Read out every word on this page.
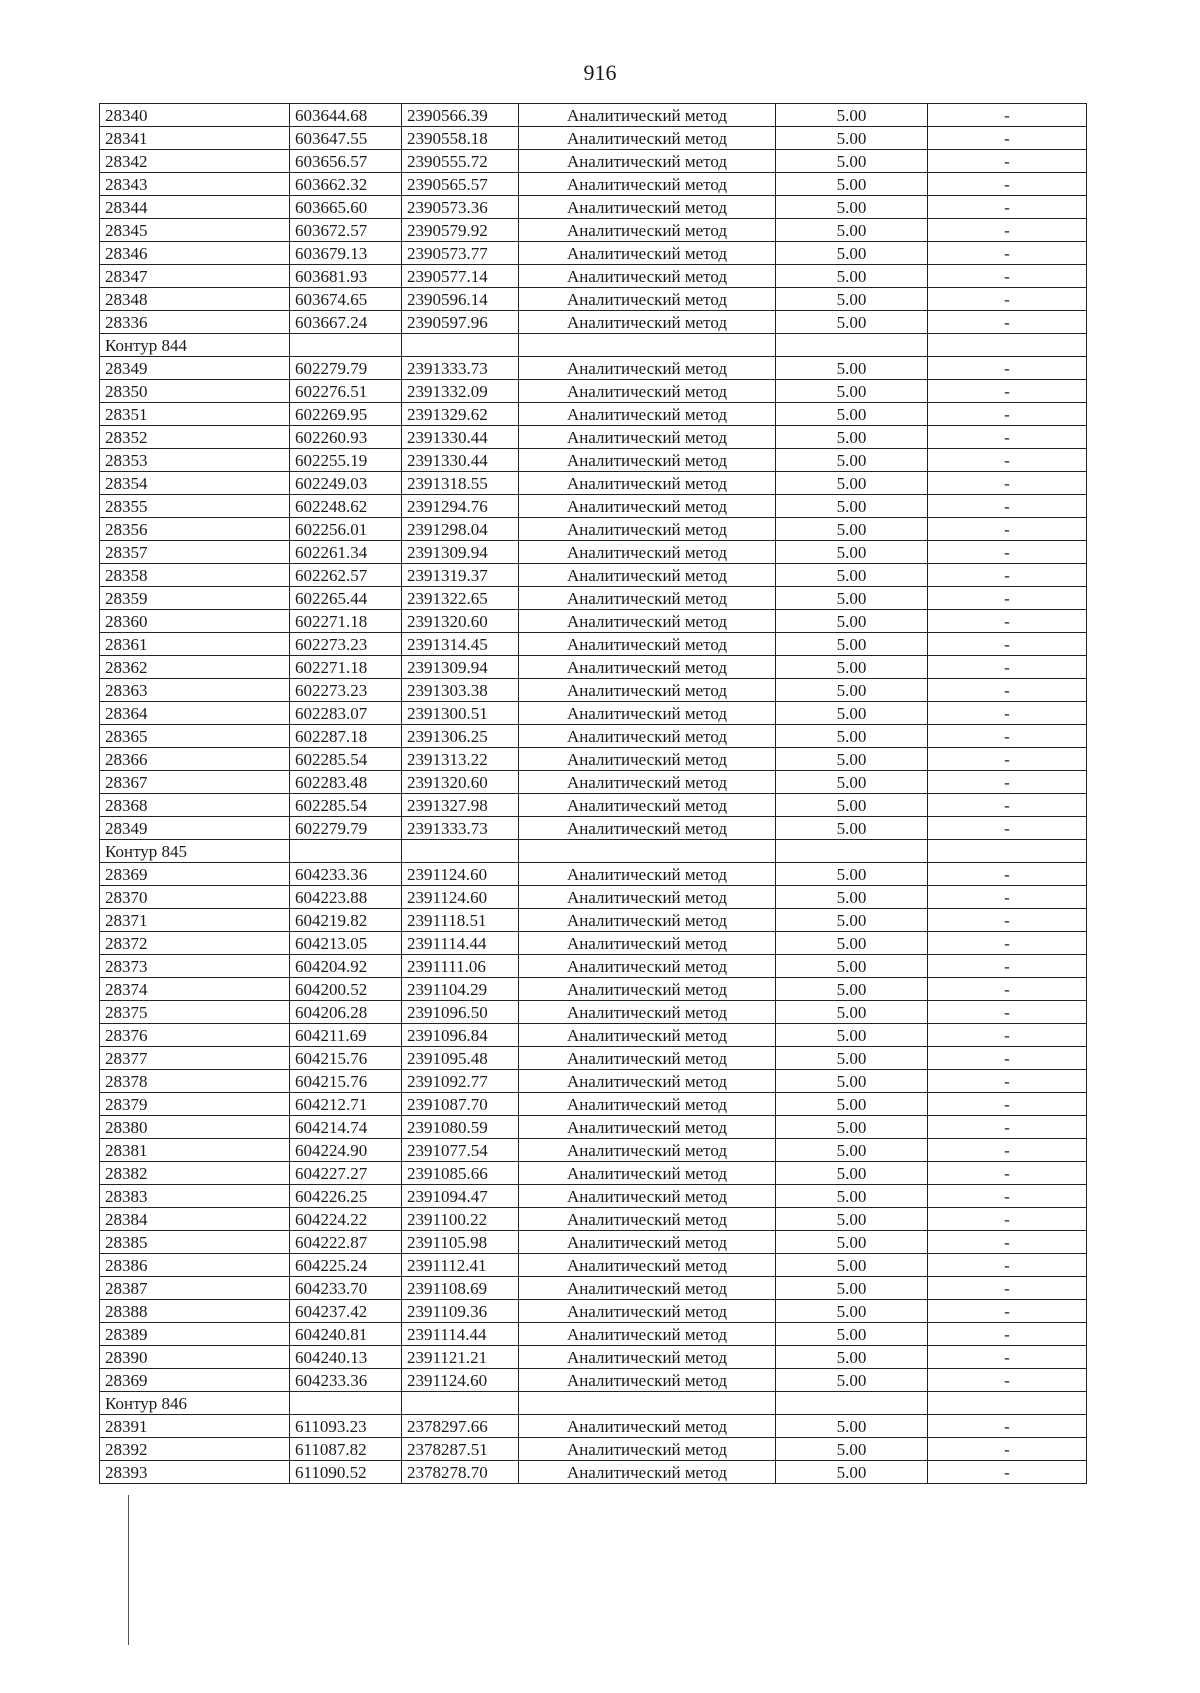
916
28340	603644.68	2390566.39	Аналитический метод	5.00	-
28341	603647.55	2390558.18	Аналитический метод	5.00	-
28342	603656.57	2390555.72	Аналитический метод	5.00	-
28343	603662.32	2390565.57	Аналитический метод	5.00	-
28344	603665.60	2390573.36	Аналитический метод	5.00	-
28345	603672.57	2390579.92	Аналитический метод	5.00	-
28346	603679.13	2390573.77	Аналитический метод	5.00	-
28347	603681.93	2390577.14	Аналитический метод	5.00	-
28348	603674.65	2390596.14	Аналитический метод	5.00	-
28336	603667.24	2390597.96	Аналитический метод	5.00	-
Контур 844					
28349	602279.79	2391333.73	Аналитический метод	5.00	-
28350	602276.51	2391332.09	Аналитический метод	5.00	-
28351	602269.95	2391329.62	Аналитический метод	5.00	-
28352	602260.93	2391330.44	Аналитический метод	5.00	-
28353	602255.19	2391330.44	Аналитический метод	5.00	-
28354	602249.03	2391318.55	Аналитический метод	5.00	-
28355	602248.62	2391294.76	Аналитический метод	5.00	-
28356	602256.01	2391298.04	Аналитический метод	5.00	-
28357	602261.34	2391309.94	Аналитический метод	5.00	-
28358	602262.57	2391319.37	Аналитический метод	5.00	-
28359	602265.44	2391322.65	Аналитический метод	5.00	-
28360	602271.18	2391320.60	Аналитический метод	5.00	-
28361	602273.23	2391314.45	Аналитический метод	5.00	-
28362	602271.18	2391309.94	Аналитический метод	5.00	-
28363	602273.23	2391303.38	Аналитический метод	5.00	-
28364	602283.07	2391300.51	Аналитический метод	5.00	-
28365	602287.18	2391306.25	Аналитический метод	5.00	-
28366	602285.54	2391313.22	Аналитический метод	5.00	-
28367	602283.48	2391320.60	Аналитический метод	5.00	-
28368	602285.54	2391327.98	Аналитический метод	5.00	-
28349	602279.79	2391333.73	Аналитический метод	5.00	-
Контур 845					
28369	604233.36	2391124.60	Аналитический метод	5.00	-
28370	604223.88	2391124.60	Аналитический метод	5.00	-
28371	604219.82	2391118.51	Аналитический метод	5.00	-
28372	604213.05	2391114.44	Аналитический метод	5.00	-
28373	604204.92	2391111.06	Аналитический метод	5.00	-
28374	604200.52	2391104.29	Аналитический метод	5.00	-
28375	604206.28	2391096.50	Аналитический метод	5.00	-
28376	604211.69	2391096.84	Аналитический метод	5.00	-
28377	604215.76	2391095.48	Аналитический метод	5.00	-
28378	604215.76	2391092.77	Аналитический метод	5.00	-
28379	604212.71	2391087.70	Аналитический метод	5.00	-
28380	604214.74	2391080.59	Аналитический метод	5.00	-
28381	604224.90	2391077.54	Аналитический метод	5.00	-
28382	604227.27	2391085.66	Аналитический метод	5.00	-
28383	604226.25	2391094.47	Аналитический метод	5.00	-
28384	604224.22	2391100.22	Аналитический метод	5.00	-
28385	604222.87	2391105.98	Аналитический метод	5.00	-
28386	604225.24	2391112.41	Аналитический метод	5.00	-
28387	604233.70	2391108.69	Аналитический метод	5.00	-
28388	604237.42	2391109.36	Аналитический метод	5.00	-
28389	604240.81	2391114.44	Аналитический метод	5.00	-
28390	604240.13	2391121.21	Аналитический метод	5.00	-
28369	604233.36	2391124.60	Аналитический метод	5.00	-
Контур 846					
28391	611093.23	2378297.66	Аналитический метод	5.00	-
28392	611087.82	2378287.51	Аналитический метод	5.00	-
28393	611090.52	2378278.70	Аналитический метод	5.00	-
